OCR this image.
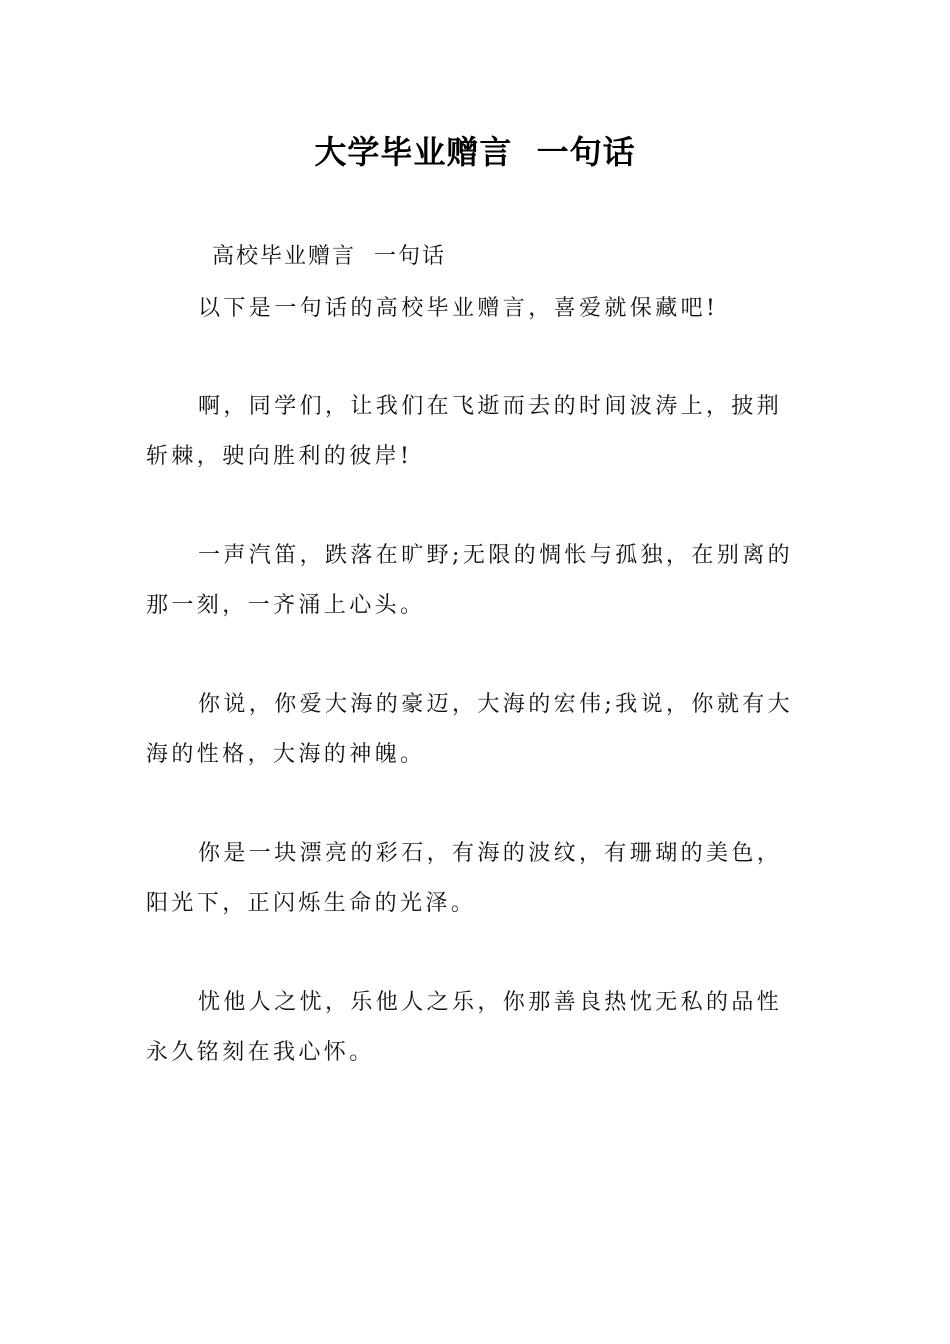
大学毕业赠言  一句话
高校毕业赠言  一句话
以下是一句话的高校毕业赠言，喜爱就保藏吧!
啊，同学们，让我们在飞逝而去的时间波涛上，披荆
斩棘，驶向胜利的彼岸!
一声汽笛，跌落在旷野;无限的惆怅与孤独，在别离的
那一刻，一齐涌上心头。
你说，你爱大海的豪迈，大海的宏伟;我说，你就有大
海的性格，大海的神魄。
你是一块漂亮的彩石，有海的波纹，有珊瑚的美色，
阳光下，正闪烁生命的光泽。
忧他人之忧，乐他人之乐，你那善良热忱无私的品性
永久铭刻在我心怀。
